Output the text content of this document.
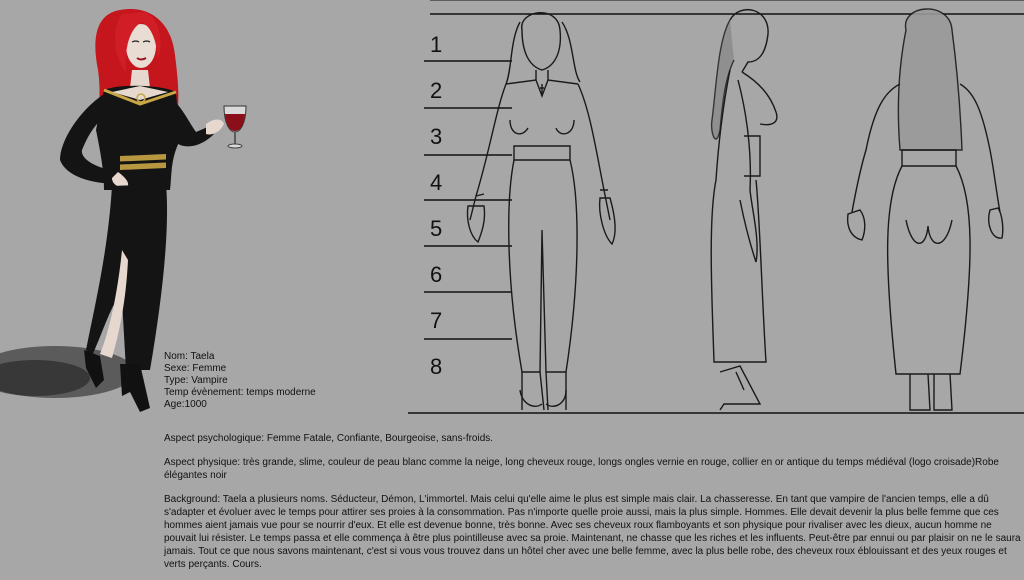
1
2
3
4
5
6
7
8
Nom: Taela
Sexe: Femme
Type: Vampire
Temp évènement: temps moderne
Age:1000

Aspect psychologique: Femme Fatale, Confiante, Bourgeoise, sans-froids.

Aspect physique: très grande, slime, couleur de peau blanc comme la neige, long cheveux rouge, longs ongles vernie en rouge, collier en or antique du temps médiéval (logo croisade)Robe élégantes noir

Background: Taela a plusieurs noms. Séducteur, Démon, L'immortel. Mais celui qu'elle aime le plus est simple mais clair. La chasseresse. En tant que vampire de l'ancien temps, elle a dû s'adapter et évoluer avec le temps pour attirer ses proies à la consommation. Pas n'importe quelle proie aussi, mais la plus simple. Hommes. Elle devait devenir la plus belle femme que ces hommes aient jamais vue pour se nourrir d'eux. Et elle est devenue bonne, très bonne. Avec ses cheveux roux flamboyants et son physique pour rivaliser avec les dieux, aucun homme ne pouvait lui résister. Le temps passa et elle commença à être plus pointilleuse avec sa proie. Maintenant, ne chasse que les riches et les influents. Peut-être par ennui ou par plaisir on ne le saura jamais. Tout ce que nous savons maintenant, c'est si vous vous trouvez dans un hôtel cher avec une belle femme, avec la plus belle robe, des cheveux roux éblouissant et des yeux rouges et verts perçants. Cours.
